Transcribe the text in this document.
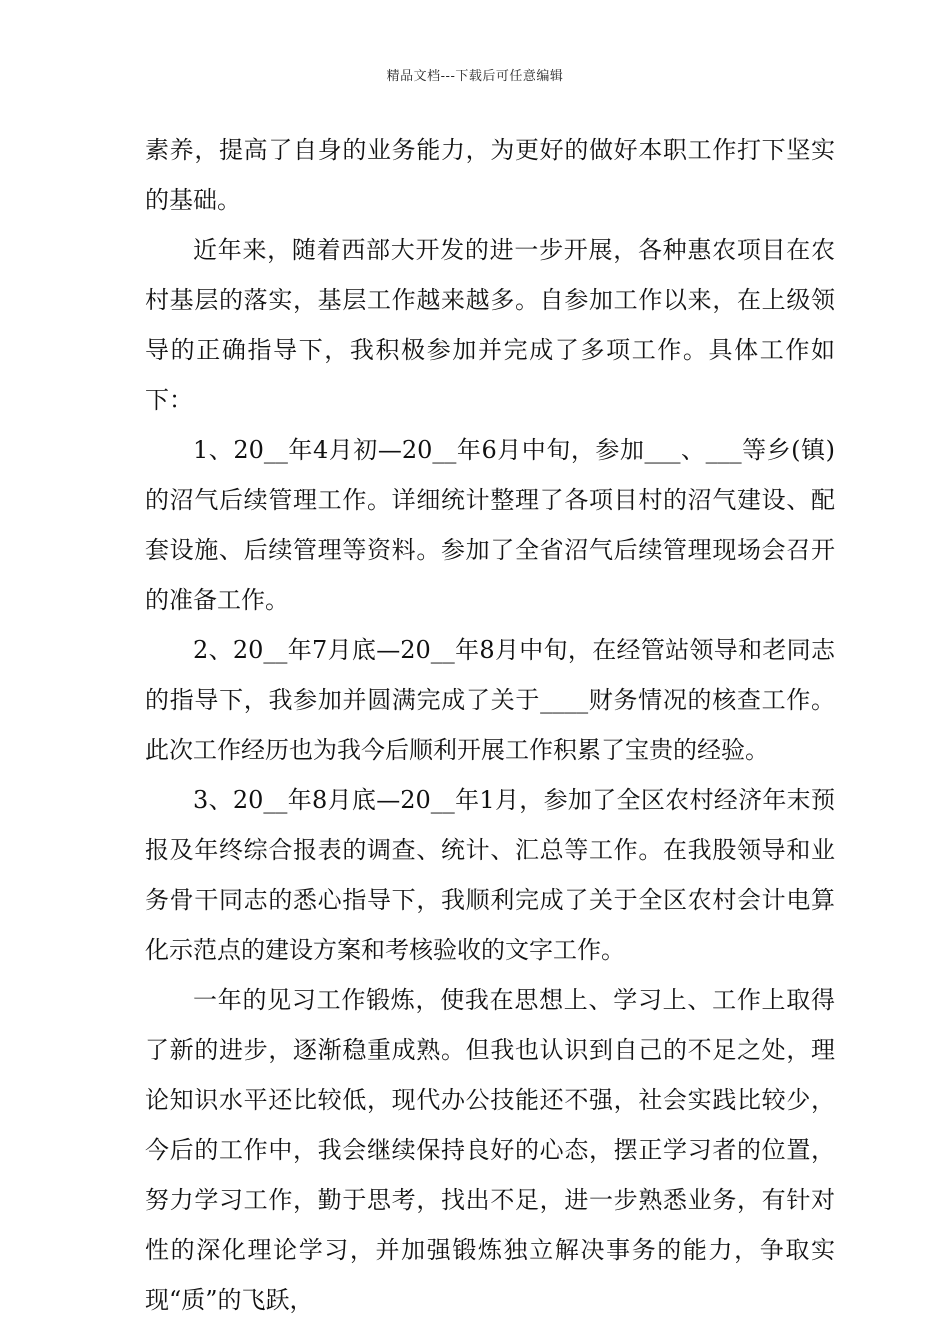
精品文档---下载后可任意编辑

素养，提高了自身的业务能力，为更好的做好本职工作打下坚实的基础。

近年来，随着西部大开发的进一步开展，各种惠农项目在农村基层的落实，基层工作越来越多。自参加工作以来，在上级领导的正确指导下，我积极参加并完成了多项工作。具体工作如下：

1、20__年4月初—20__年6月中旬，参加___、___等乡(镇)的沼气后续管理工作。详细统计整理了各项目村的沼气建设、配套设施、后续管理等资料。参加了全省沼气后续管理现场会召开的准备工作。

2、20__年7月底—20__年8月中旬，在经管站领导和老同志的指导下，我参加并圆满完成了关于____财务情况的核查工作。此次工作经历也为我今后顺利开展工作积累了宝贵的经验。

3、20__年8月底—20__年1月，参加了全区农村经济年末预报及年终综合报表的调查、统计、汇总等工作。在我股领导和业务骨干同志的悉心指导下，我顺利完成了关于全区农村会计电算化示范点的建设方案和考核验收的文字工作。

一年的见习工作锻炼，使我在思想上、学习上、工作上取得了新的进步，逐渐稳重成熟。但我也认识到自己的不足之处，理论知识水平还比较低，现代办公技能还不强，社会实践比较少，今后的工作中，我会继续保持良好的心态，摆正学习者的位置，努力学习工作，勤于思考，找出不足，进一步熟悉业务，有针对性的深化理论学习，并加强锻炼独立解决事务的能力，争取实现“质”的飞跃，
